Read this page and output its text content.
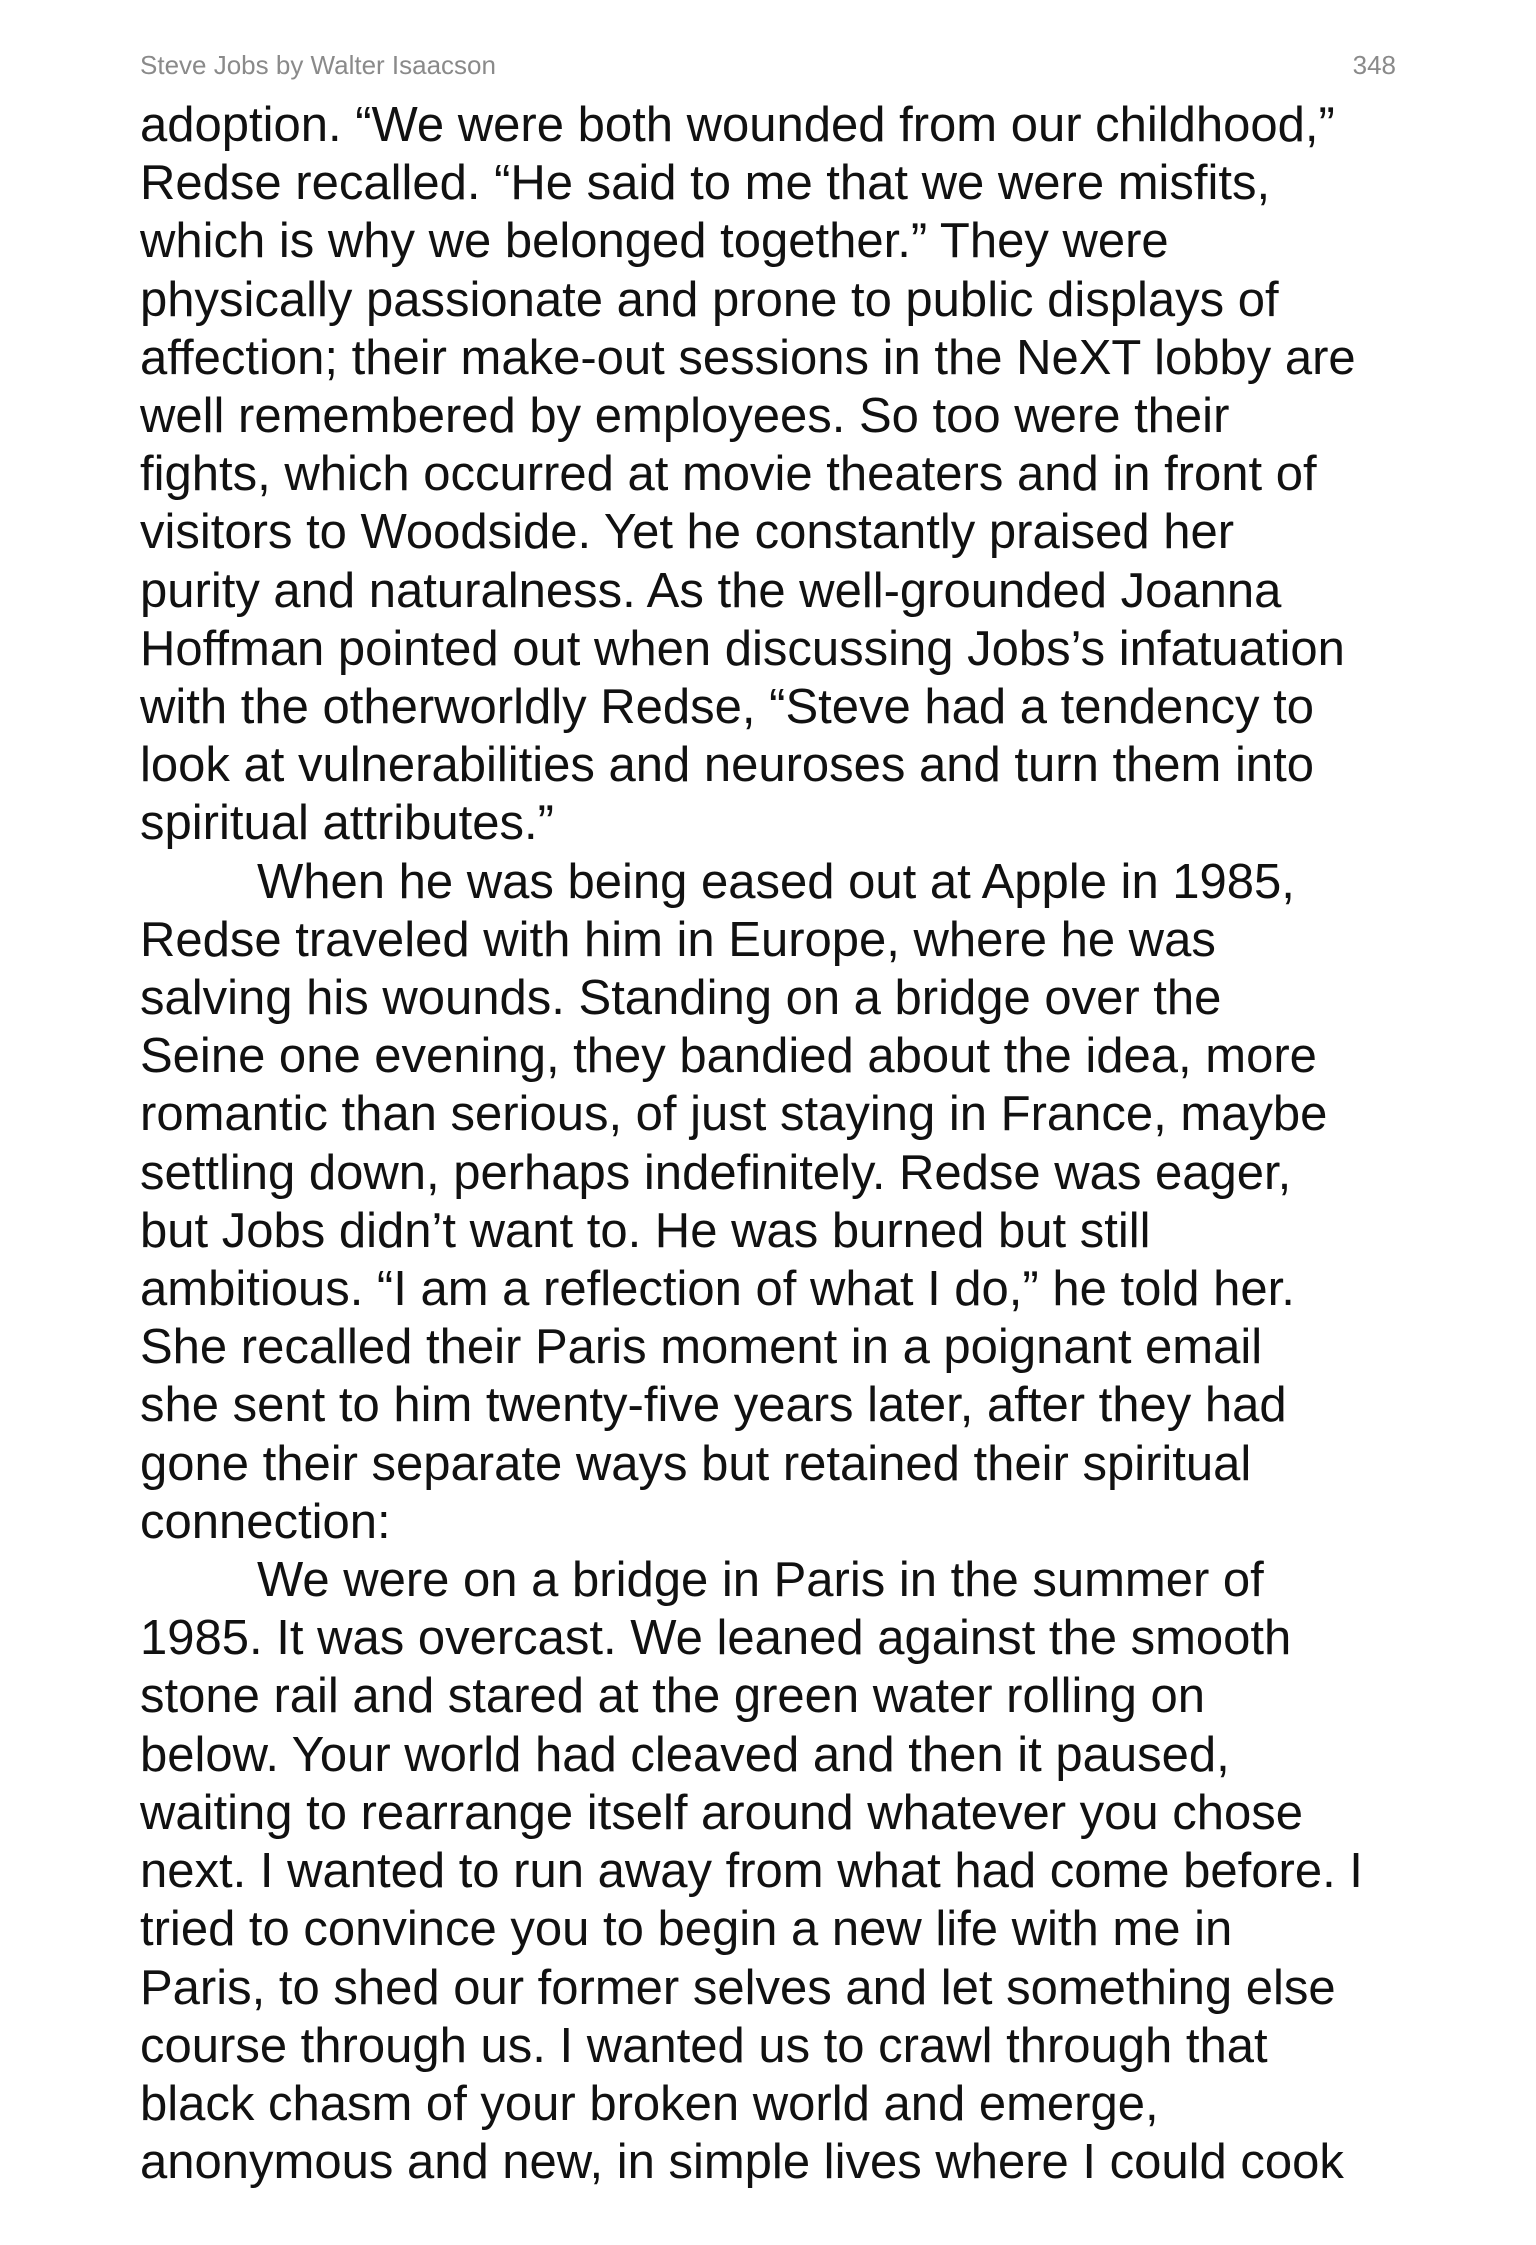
Steve Jobs by Walter Isaacson	348
adoption. “We were both wounded from our childhood,”
Redse recalled. “He said to me that we were misfits,
which is why we belonged together.” They were
physically passionate and prone to public displays of
affection; their make-out sessions in the NeXT lobby are
well remembered by employees. So too were their
fights, which occurred at movie theaters and in front of
visitors to Woodside. Yet he constantly praised her
purity and naturalness. As the well-grounded Joanna
Hoffman pointed out when discussing Jobs’s infatuation
with the otherworldly Redse, “Steve had a tendency to
look at vulnerabilities and neuroses and turn them into
spiritual attributes.”
When he was being eased out at Apple in 1985,
Redse traveled with him in Europe, where he was
salving his wounds. Standing on a bridge over the
Seine one evening, they bandied about the idea, more
romantic than serious, of just staying in France, maybe
settling down, perhaps indefinitely. Redse was eager,
but Jobs didn’t want to. He was burned but still
ambitious. “I am a reflection of what I do,” he told her.
She recalled their Paris moment in a poignant email
she sent to him twenty-five years later, after they had
gone their separate ways but retained their spiritual
connection:
We were on a bridge in Paris in the summer of
1985. It was overcast. We leaned against the smooth
stone rail and stared at the green water rolling on
below. Your world had cleaved and then it paused,
waiting to rearrange itself around whatever you chose
next. I wanted to run away from what had come before. I
tried to convince you to begin a new life with me in
Paris, to shed our former selves and let something else
course through us. I wanted us to crawl through that
black chasm of your broken world and emerge,
anonymous and new, in simple lives where I could cook
